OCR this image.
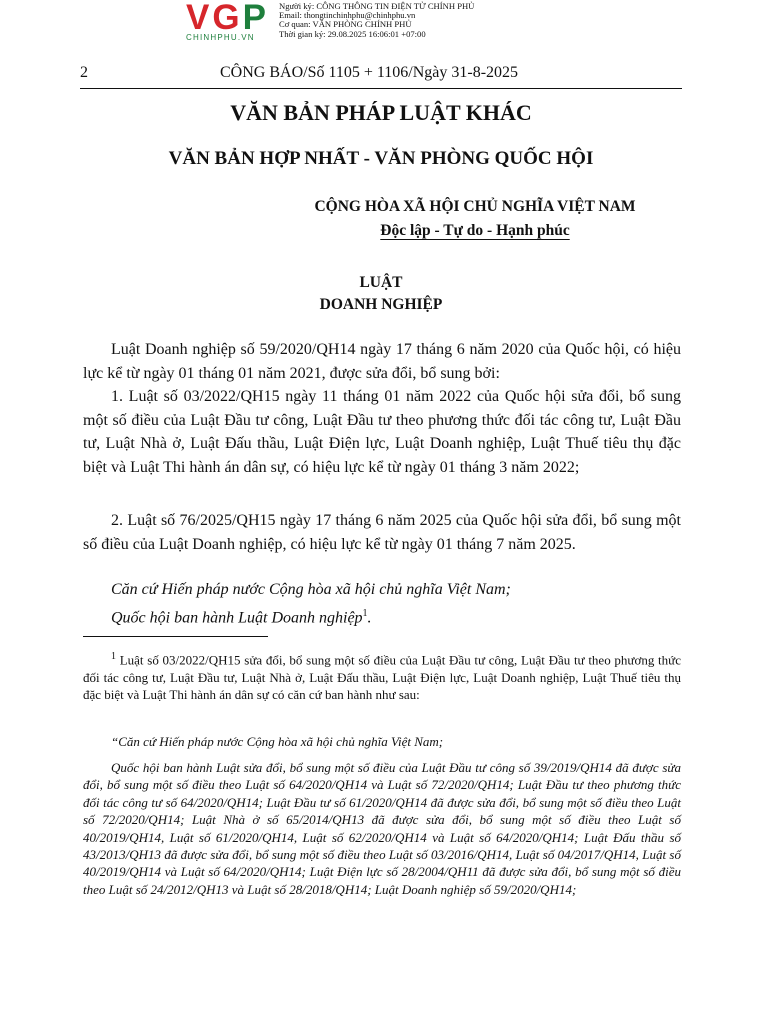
VGP
CHINHPHU.VN
Người ký: CÔNG THÔNG TIN ĐIỆN TỬ CHÍNH PHỦ
Email: thongtinchinhphu@chinhphu.vn
Cơ quan: VĂN PHÒNG CHÍNH PHỦ
Thời gian ký: 29.08.2025 16:06:01 +07:00
2	CÔNG BÁO/Số 1105 + 1106/Ngày 31-8-2025
VĂN BẢN PHÁP LUẬT KHÁC
VĂN BẢN HỢP NHẤT - VĂN PHÒNG QUỐC HỘI
CỘNG HÒA XÃ HỘI CHỦ NGHĨA VIỆT NAM
Độc lập - Tự do - Hạnh phúc
LUẬT
DOANH NGHIỆP
Luật Doanh nghiệp số 59/2020/QH14 ngày 17 tháng 6 năm 2020 của Quốc hội, có hiệu lực kể từ ngày 01 tháng 01 năm 2021, được sửa đổi, bổ sung bởi:
1. Luật số 03/2022/QH15 ngày 11 tháng 01 năm 2022 của Quốc hội sửa đổi, bổ sung một số điều của Luật Đầu tư công, Luật Đầu tư theo phương thức đối tác công tư, Luật Đầu tư, Luật Nhà ở, Luật Đấu thầu, Luật Điện lực, Luật Doanh nghiệp, Luật Thuế tiêu thụ đặc biệt và Luật Thi hành án dân sự, có hiệu lực kể từ ngày 01 tháng 3 năm 2022;
2. Luật số 76/2025/QH15 ngày 17 tháng 6 năm 2025 của Quốc hội sửa đổi, bổ sung một số điều của Luật Doanh nghiệp, có hiệu lực kể từ ngày 01 tháng 7 năm 2025.
Căn cứ Hiến pháp nước Cộng hòa xã hội chủ nghĩa Việt Nam;
Quốc hội ban hành Luật Doanh nghiệp$^1$.
$^1$ Luật số 03/2022/QH15 sửa đổi, bổ sung một số điều của Luật Đầu tư công, Luật Đầu tư theo phương thức đối tác công tư, Luật Đầu tư, Luật Nhà ở, Luật Đấu thầu, Luật Điện lực, Luật Doanh nghiệp, Luật Thuế tiêu thụ đặc biệt và Luật Thi hành án dân sự có căn cứ ban hành như sau:
“Căn cứ Hiến pháp nước Cộng hòa xã hội chủ nghĩa Việt Nam;
Quốc hội ban hành Luật sửa đổi, bổ sung một số điều của Luật Đầu tư công số 39/2019/QH14 đã được sửa đổi, bổ sung một số điều theo Luật số 64/2020/QH14 và Luật số 72/2020/QH14; Luật Đầu tư theo phương thức đối tác công tư số 64/2020/QH14; Luật Đầu tư số 61/2020/QH14 đã được sửa đổi, bổ sung một số điều theo Luật số 72/2020/QH14; Luật Nhà ở số 65/2014/QH13 đã được sửa đổi, bổ sung một số điều theo Luật số 40/2019/QH14, Luật số 61/2020/QH14, Luật số 62/2020/QH14 và Luật số 64/2020/QH14; Luật Đấu thầu số 43/2013/QH13 đã được sửa đổi, bổ sung một số điều theo Luật số 03/2016/QH14, Luật số 04/2017/QH14, Luật số 40/2019/QH14 và Luật số 64/2020/QH14; Luật Điện lực số 28/2004/QH11 đã được sửa đổi, bổ sung một số điều theo Luật số 24/2012/QH13 và Luật số 28/2018/QH14; Luật Doanh nghiệp số 59/2020/QH14;
